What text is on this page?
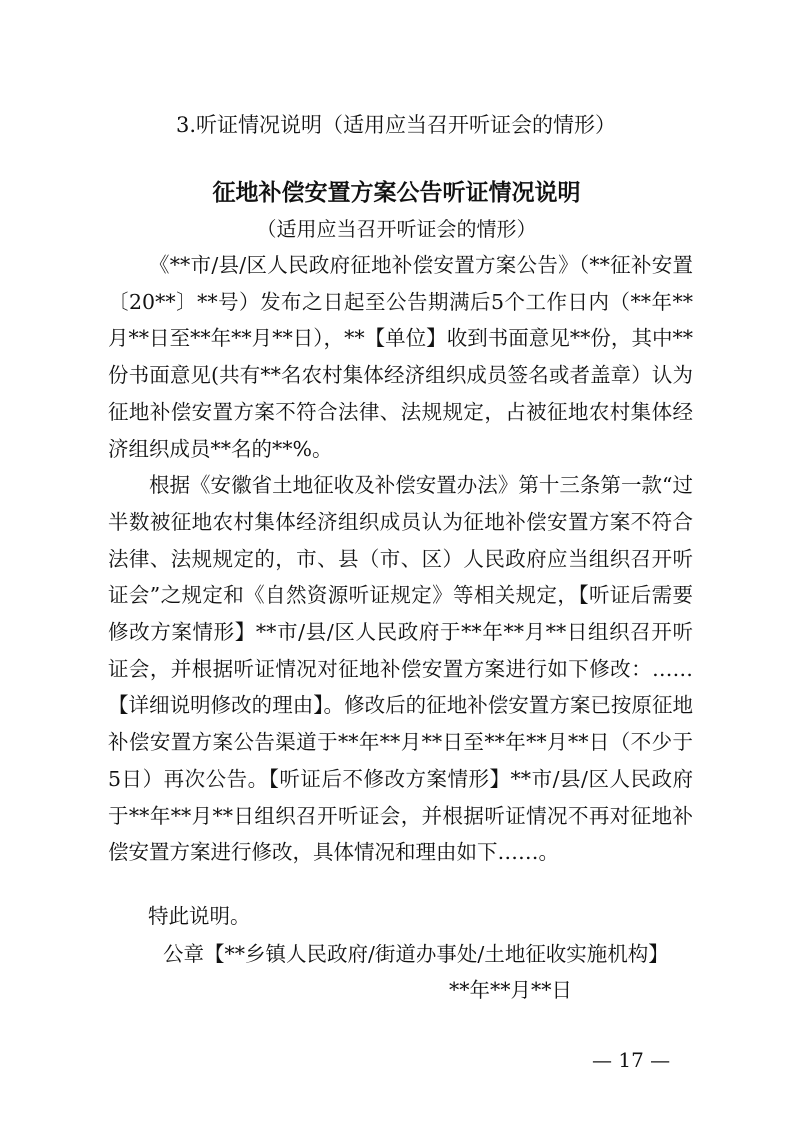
3.听证情况说明（适用应当召开听证会的情形）
征地补偿安置方案公告听证情况说明
（适用应当召开听证会的情形）

《**市/县/区人民政府征地补偿安置方案公告》（**征补安置〔20**〕**号）发布之日起至公告期满后5个工作日内（**年**月**日至**年**月**日），**【单位】收到书面意见**份，其中**份书面意见(共有**名农村集体经济组织成员签名或者盖章）认为征地补偿安置方案不符合法律、法规规定，占被征地农村集体经济组织成员**名的**%。

根据《安徽省土地征收及补偿安置办法》第十三条第一款“过半数被征地农村集体经济组织成员认为征地补偿安置方案不符合法律、法规规定的，市、县（市、区）人民政府应当组织召开听证会”之规定和《自然资源听证规定》等相关规定，【听证后需要修改方案情形】**市/县/区人民政府于**年**月**日组织召开听证会，并根据听证情况对征地补偿安置方案进行如下修改：……【详细说明修改的理由】。修改后的征地补偿安置方案已按原征地补偿安置方案公告渠道于**年**月**日至**年**月**日（不少于5日）再次公告。【听证后不修改方案情形】**市/县/区人民政府于**年**月**日组织召开听证会，并根据听证情况不再对征地补偿安置方案进行修改，具体情况和理由如下……。

特此说明。
公章【**乡镇人民政府/街道办事处/土地征收实施机构】
**年**月**日
— 17 —
